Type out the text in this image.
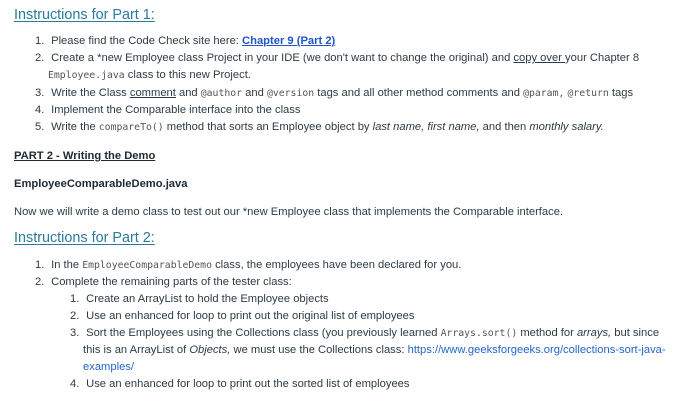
Instructions for Part 1:
1. Please find the Code Check site here: Chapter 9 (Part 2)
2. Create a *new Employee class Project in your IDE (we don't want to change the original) and copy over your Chapter 8
Employee.java class to this new Project.
3. Write the Class comment and @author and @version tags and all other method comments and @param, @return tags
4. Implement the Comparable interface into the class
5. Write the compareTo() method that sorts an Employee object by last name, first name, and then monthly salary.
PART 2 - Writing the Demo
EmployeeComparableDemo.java
Now we will write a demo class to test out our *new Employee class that implements the Comparable interface.
Instructions for Part 2:
1. In the EmployeeComparableDemo class, the employees have been declared for you.
2. Complete the remaining parts of the tester class:
1. Create an ArrayList to hold the Employee objects
2. Use an enhanced for loop to print out the original list of employees
3. Sort the Employees using the Collections class (you previously learned Arrays.sort() method for arrays, but since
this is an ArrayList of Objects, we must use the Collections class: https://www.geeksforgeeks.org/collections-sort-java-
examples/
4. Use an enhanced for loop to print out the sorted list of employees
